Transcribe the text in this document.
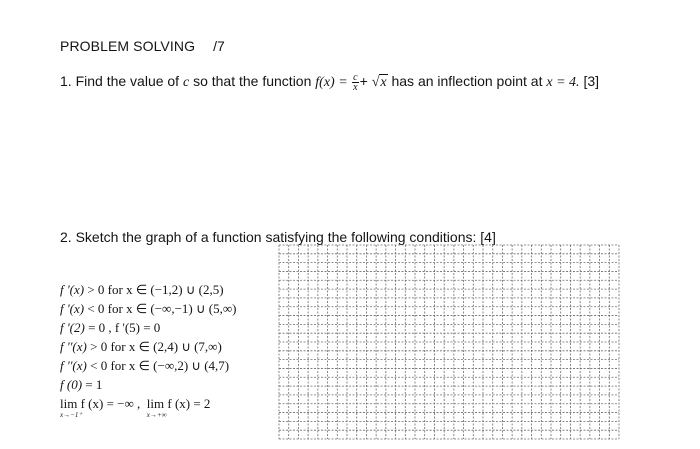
PROBLEM SOLVING /7
1. Find the value of c so that the function $f(x) = \frac{c}{x} + √x$ has an inflection point at x = 4. [3]
2. Sketch the graph of a function satisfying the following conditions: [4]
f '(x) > 0 for x ∈ (−1,2) ∪ (2,5)
f '(x) < 0 for x ∈ (−∞,−1) ∪ (5,∞)
f '(2) = 0 , f '(5) = 0
f ''(x) > 0 for x ∈ (2,4) ∪ (7,∞)
f ''(x) < 0 for x ∈ (−∞,2) ∪ (4,7)
f (0) = 1
lim
x→−1⁺
f (x) = −∞ , lim
x→+∞
f (x) = 2
